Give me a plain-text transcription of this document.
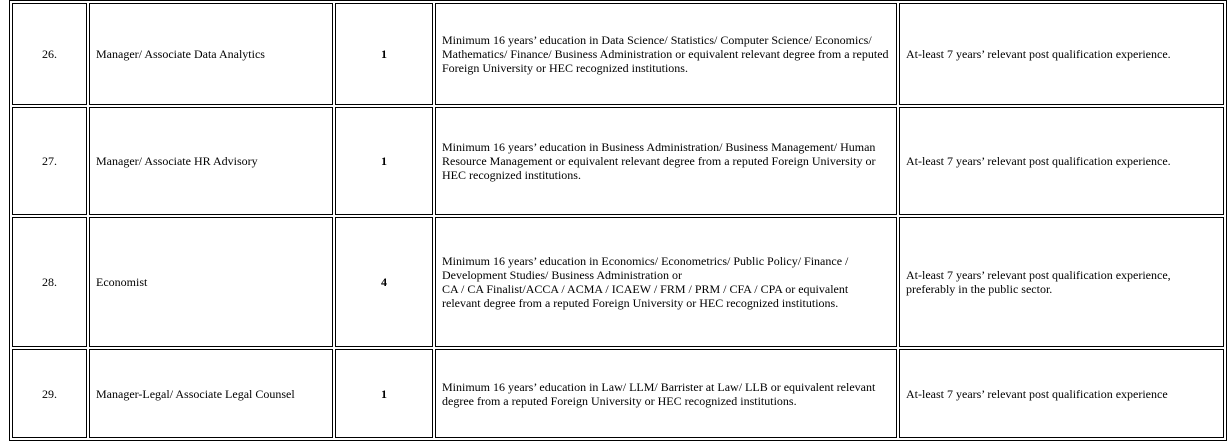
26.	Manager/ Associate Data Analytics	1	Minimum 16 years’ education in Data Science/ Statistics/ Computer Science/ Economics/
Mathematics/ Finance/ Business Administration or equivalent relevant degree from a reputed
Foreign University or HEC recognized institutions.	At-least 7 years’ relevant post qualification experience.
27.	Manager/ Associate HR Advisory	1	Minimum 16 years’ education in Business Administration/ Business Management/ Human
Resource Management or equivalent relevant degree from a reputed Foreign University or
HEC recognized institutions.	At-least 7 years’ relevant post qualification experience.
28.	Economist	4	Minimum 16 years’ education in Economics/ Econometrics/ Public Policy/ Finance /
Development Studies/ Business Administration or
CA / CA Finalist/ACCA / ACMA / ICAEW / FRM / PRM / CFA / CPA or equivalent
relevant degree from a reputed Foreign University or HEC recognized institutions.	At-least 7 years’ relevant post qualification experience, preferably in the public sector.
29.	Manager-Legal/ Associate Legal Counsel	1	Minimum 16 years’ education in Law/ LLM/ Barrister at Law/ LLB or equivalent relevant
degree from a reputed Foreign University or HEC recognized institutions.	At-least 7 years’ relevant post qualification experience
